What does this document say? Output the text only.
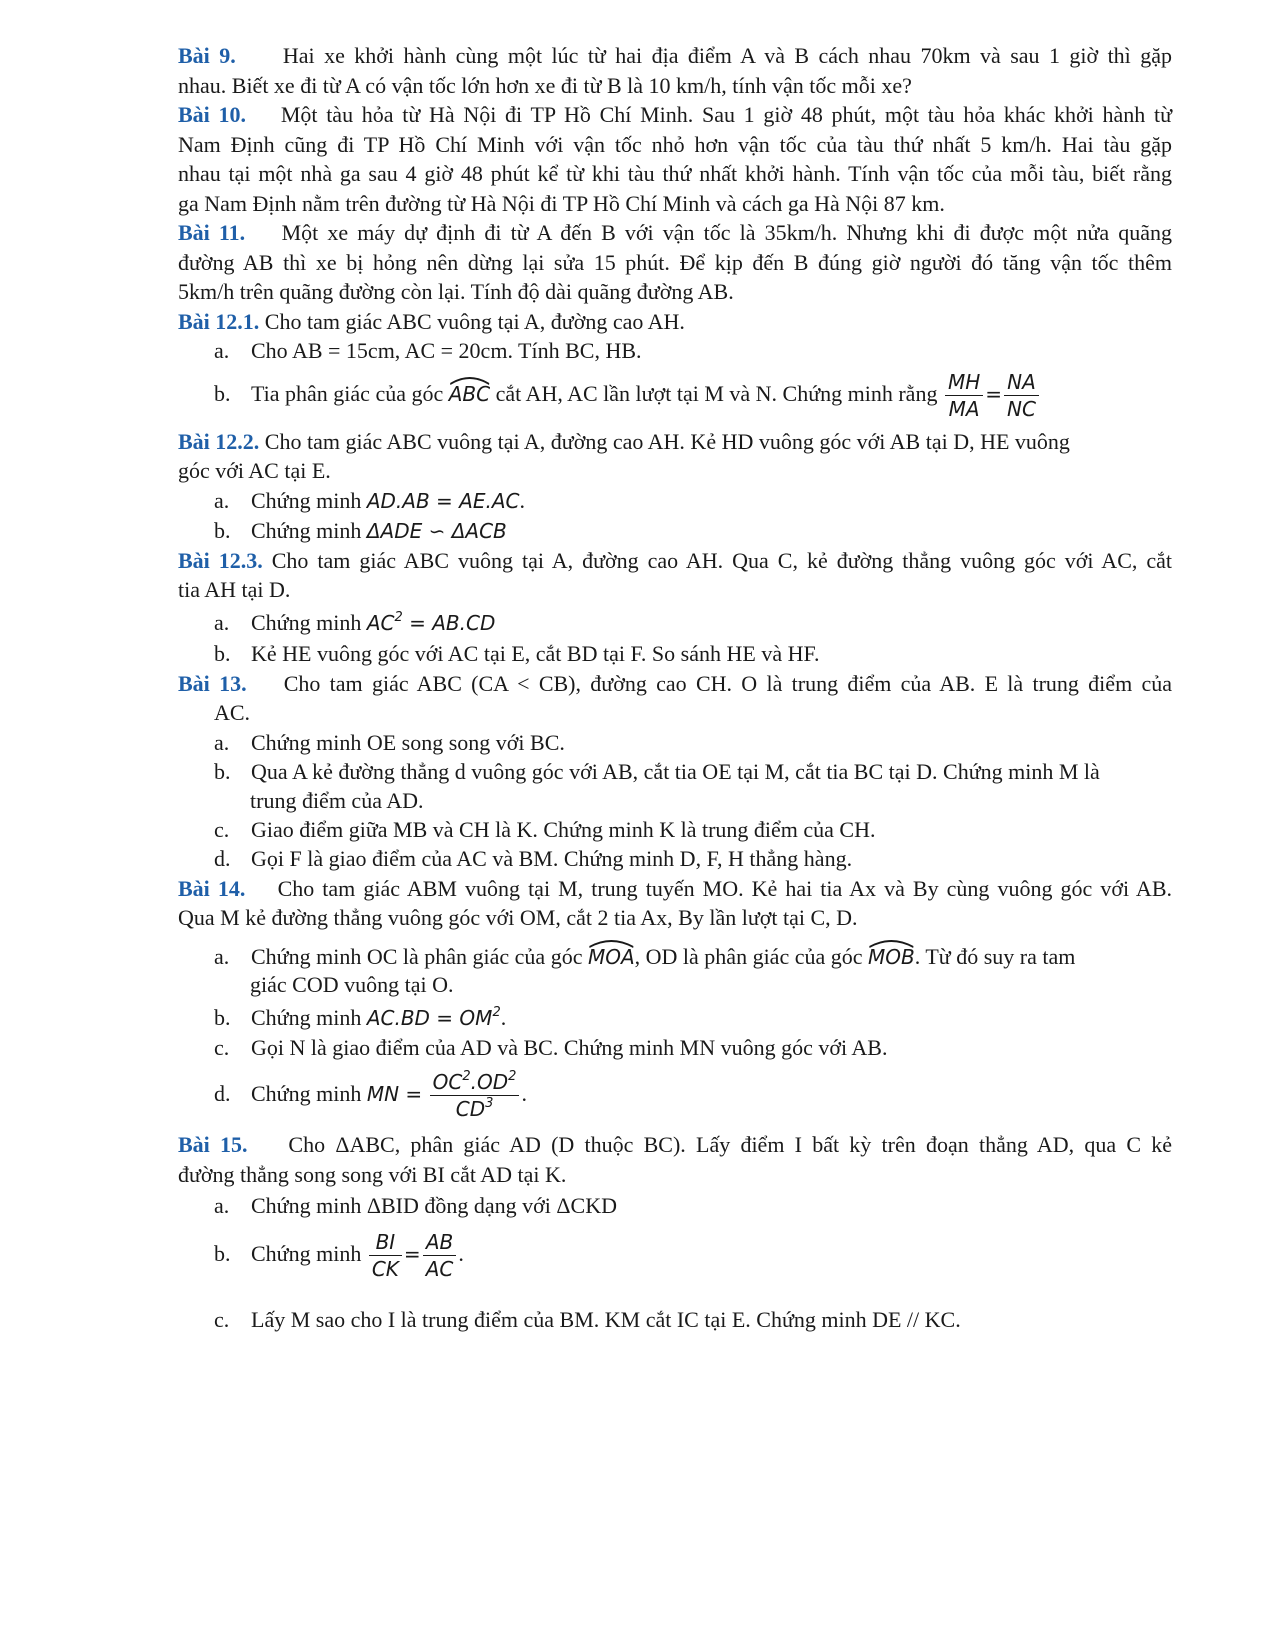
Bài 9. Hai xe khởi hành cùng một lúc từ hai địa điểm A và B cách nhau 70km và sau 1 giờ thì gặp
nhau. Biết xe đi từ A có vận tốc lớn hơn xe đi từ B là 10 km/h, tính vận tốc mỗi xe?
Bài 10. Một tàu hỏa từ Hà Nội đi TP Hồ Chí Minh. Sau 1 giờ 48 phút, một tàu hỏa khác khởi hành từ
Nam Định cũng đi TP Hồ Chí Minh với vận tốc nhỏ hơn vận tốc của tàu thứ nhất 5 km/h. Hai tàu gặp
nhau tại một nhà ga sau 4 giờ 48 phút kể từ khi tàu thứ nhất khởi hành. Tính vận tốc của mỗi tàu, biết rằng
ga Nam Định nằm trên đường từ Hà Nội đi TP Hồ Chí Minh và cách ga Hà Nội 87 km.
Bài 11. Một xe máy dự định đi từ A đến B với vận tốc là 35km/h. Nhưng khi đi được một nửa quãng
đường AB thì xe bị hỏng nên dừng lại sửa 15 phút. Để kịp đến B đúng giờ người đó tăng vận tốc thêm
5km/h trên quãng đường còn lại. Tính độ dài quãng đường AB.
Bài 12.1. Cho tam giác ABC vuông tại A, đường cao AH.
a. Cho AB = 15cm, AC = 20cm. Tính BC, HB.
b. Tia phân giác của góc ABC cắt AH, AC lần lượt tại M và N. Chứng minh rằng $\frac{MH}{MA} = \frac{NA}{NC}$
Bài 12.2. Cho tam giác ABC vuông tại A, đường cao AH. Kẻ HD vuông góc với AB tại D, HE vuông
góc với AC tại E.
a. Chứng minh AD.AB = AE.AC.
b. Chứng minh ΔADE ∽ ΔACB
Bài 12.3. Cho tam giác ABC vuông tại A, đường cao AH. Qua C, kẻ đường thẳng vuông góc với AC, cắt
tia AH tại D.
a. Chứng minh $AC^2 = AB.CD$
b. Kẻ HE vuông góc với AC tại E, cắt BD tại F. So sánh HE và HF.
Bài 13. Cho tam giác ABC (CA < CB), đường cao CH. O là trung điểm của AB. E là trung điểm của
AC.
a. Chứng minh OE song song với BC.
b. Qua A kẻ đường thẳng d vuông góc với AB, cắt tia OE tại M, cắt tia BC tại D. Chứng minh M là
trung điểm của AD.
c. Giao điểm giữa MB và CH là K. Chứng minh K là trung điểm của CH.
d. Gọi F là giao điểm của AC và BM. Chứng minh D, F, H thẳng hàng.
Bài 14. Cho tam giác ABM vuông tại M, trung tuyến MO. Kẻ hai tia Ax và By cùng vuông góc với AB.
Qua M kẻ đường thẳng vuông góc với OM, cắt 2 tia Ax, By lần lượt tại C, D.
a. Chứng minh OC là phân giác của góc MOA, OD là phân giác của góc MOB. Từ đó suy ra tam
giác COD vuông tại O.
b. Chứng minh $AC.BD = OM^2$.
c. Gọi N là giao điểm của AD và BC. Chứng minh MN vuông góc với AB.
d. Chứng minh MN = $\frac{OC^2.OD^2}{CD^3}$ .
Bài 15. Cho ΔABC, phân giác AD (D thuộc BC). Lấy điểm I bất kỳ trên đoạn thẳng AD, qua C kẻ
đường thẳng song song với BI cắt AD tại K.
a. Chứng minh ΔBID đồng dạng với ΔCKD
b. Chứng minh $\frac{BI}{CK} = \frac{AB}{AC}$ .
c. Lấy M sao cho I là trung điểm của BM. KM cắt IC tại E. Chứng minh DE // KC.
